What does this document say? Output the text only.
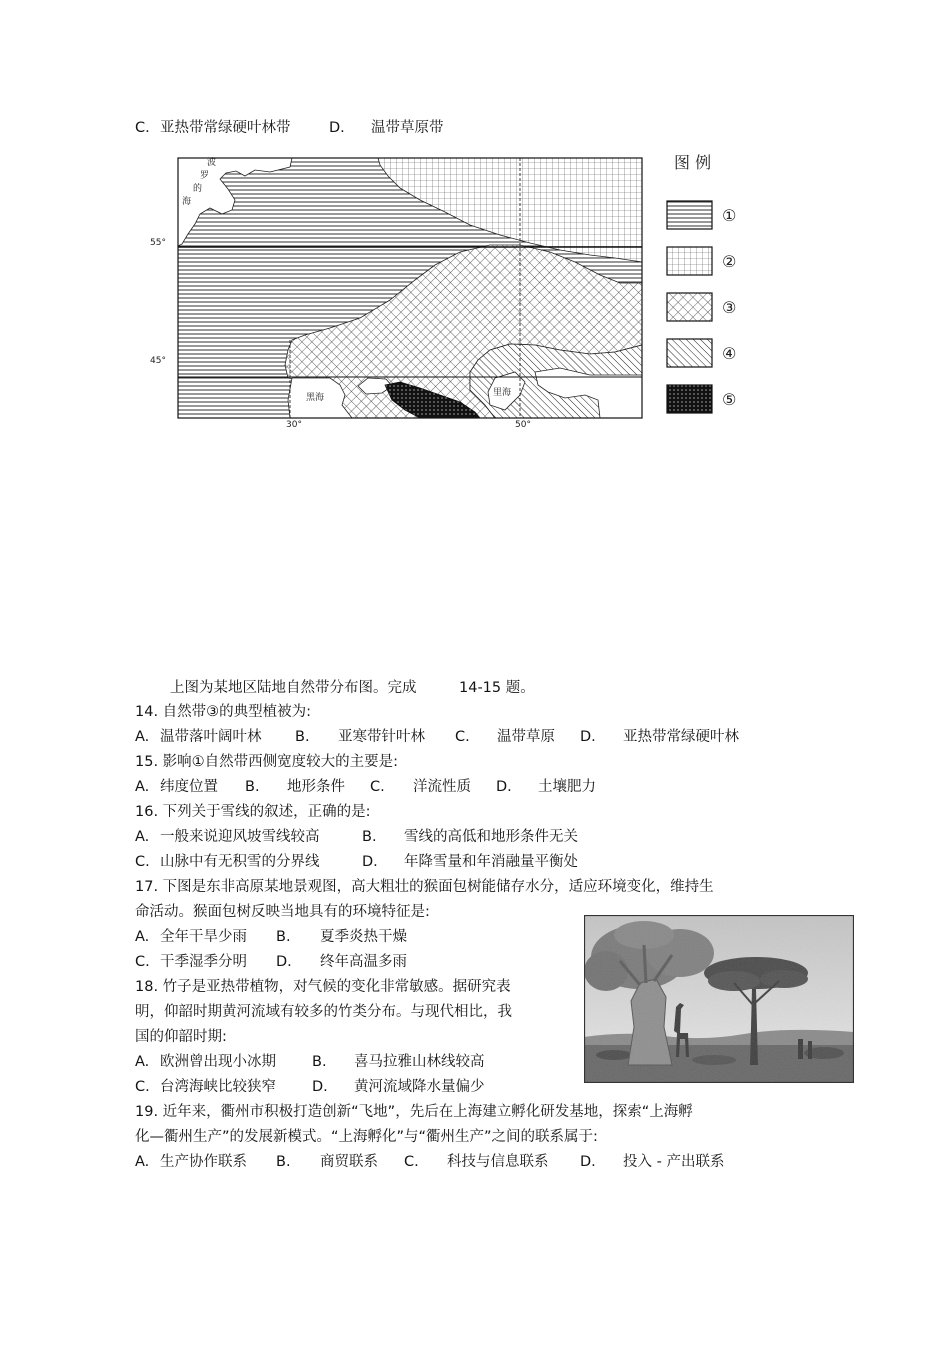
C. 亚热带常绿硬叶林带	D. 温带草原带
波
罗
的
海
黑海	里海
55°
45°
30°	50°
图 例
①
②
③
④
⑤
上图为某地区陆地自然带分布图。完成	14-15 题。
14. 自然带③的典型植被为:
A. 温带落叶阔叶林 B. 亚寒带针叶林 C. 温带草原 D. 亚热带常绿硬叶林
15. 影响①自然带西侧宽度较大的主要是:
A. 纬度位置 B. 地形条件 C. 洋流性质 D. 土壤肥力
16. 下列关于雪线的叙述，正确的是:
A. 一般来说迎风坡雪线较高	B. 雪线的高低和地形条件无关
C. 山脉中有无积雪的分界线	D. 年降雪量和年消融量平衡处
17. 下图是东非高原某地景观图，高大粗壮的猴面包树能储存水分，适应环境变化，维持生
命活动。猴面包树反映当地具有的环境特征是:
A. 全年干旱少雨 B. 夏季炎热干燥
C. 干季湿季分明 D. 终年高温多雨
18. 竹子是亚热带植物，对气候的变化非常敏感。据研究表
明，仰韶时期黄河流域有较多的竹类分布。与现代相比，我
国的仰韶时期:
A. 欧洲曾出现小冰期 B. 喜马拉雅山林线较高
C. 台湾海峡比较狭窄 D. 黄河流域降水量偏少
19. 近年来，衢州市积极打造创新“飞地”，先后在上海建立孵化研发基地，探索“上海孵
化—衢州生产”的发展新模式。“上海孵化”与“衢州生产”之间的联系属于:
A. 生产协作联系 B. 商贸联系 C. 科技与信息联系 D. 投入 - 产出联系
